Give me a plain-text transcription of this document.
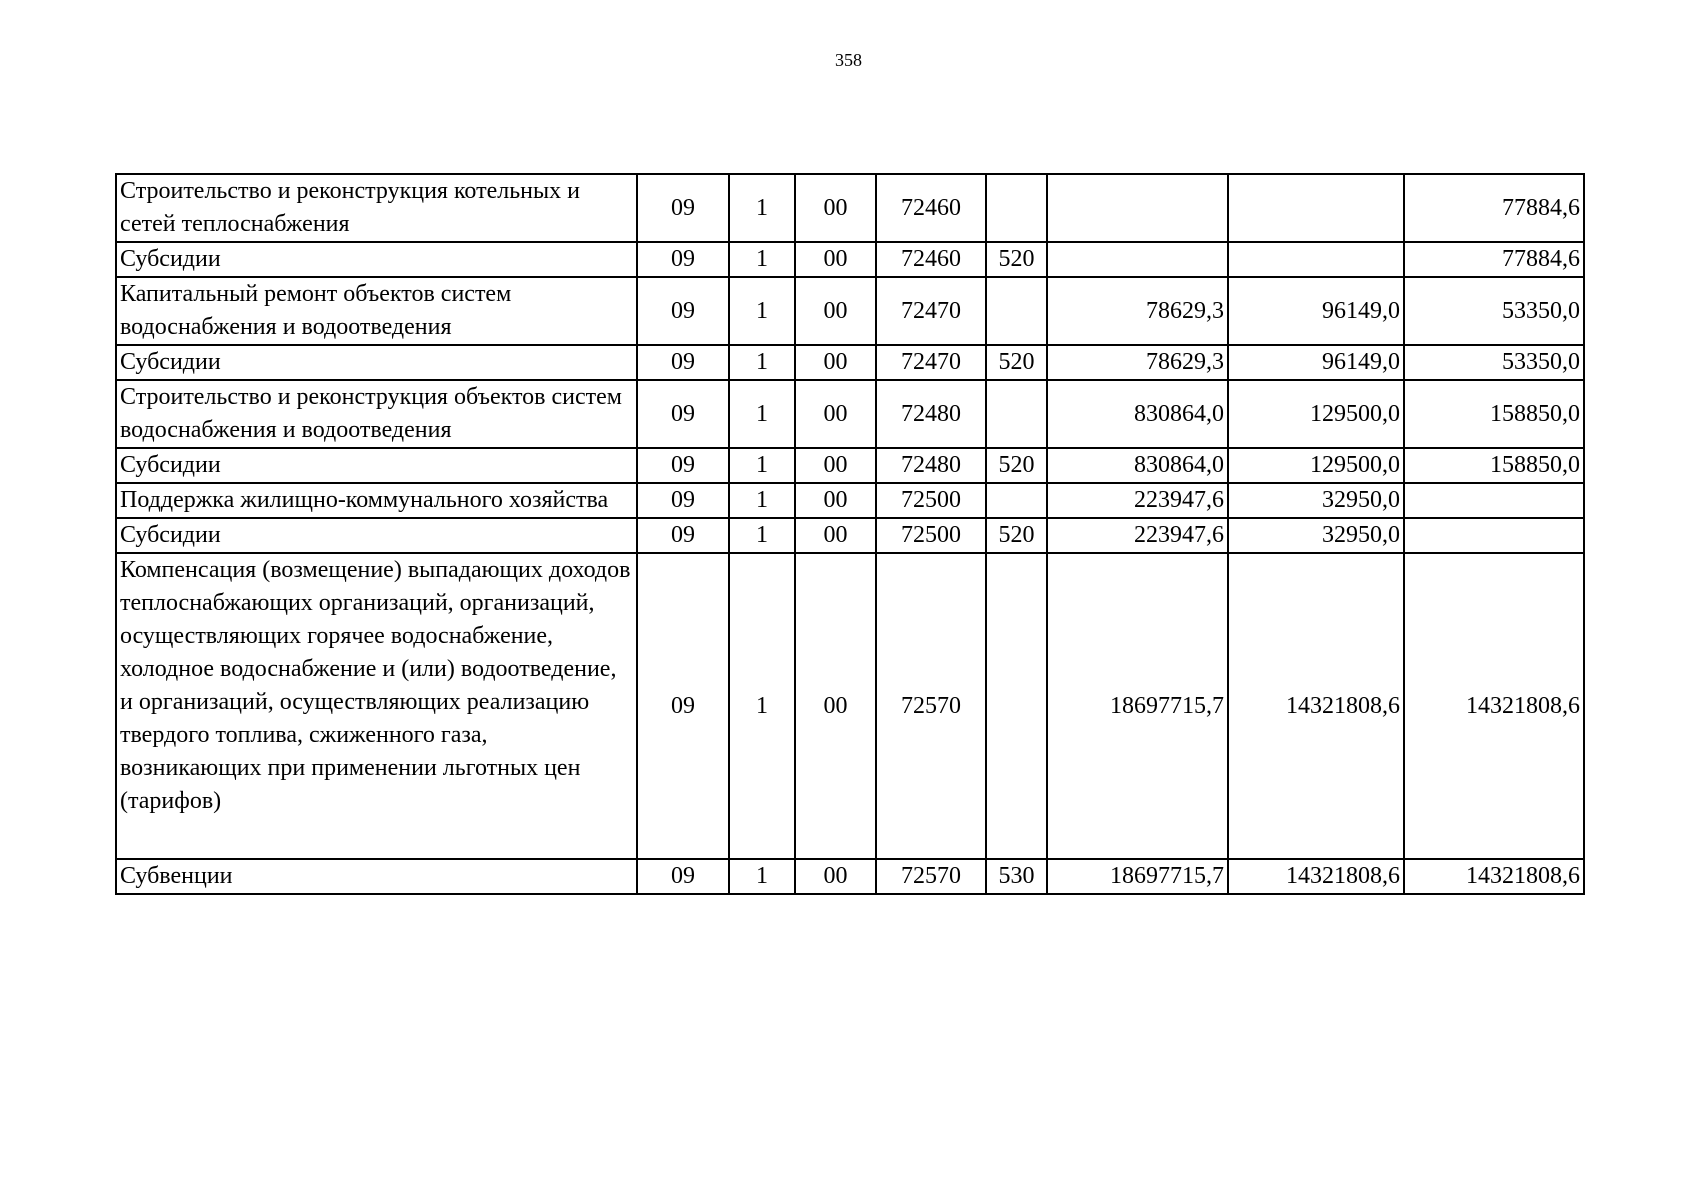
358
Строительство и реконструкция котельных и сетей теплоснабжения	09	1	00	72460				77884,6
Субсидии	09	1	00	72460	520			77884,6
Капитальный ремонт объектов систем водоснабжения и водоотведения	09	1	00	72470		78629,3	96149,0	53350,0
Субсидии	09	1	00	72470	520	78629,3	96149,0	53350,0
Строительство и реконструкция объектов систем водоснабжения и водоотведения	09	1	00	72480		830864,0	129500,0	158850,0
Субсидии	09	1	00	72480	520	830864,0	129500,0	158850,0
Поддержка жилищно-коммунального хозяйства	09	1	00	72500		223947,6	32950,0	
Субсидии	09	1	00	72500	520	223947,6	32950,0	
Компенсация (возмещение) выпадающих доходов теплоснабжающих организаций, организаций, осуществляющих горячее водоснабжение, холодное водоснабжение и (или) водоотведение, и организаций, осуществляющих реализацию твердого топлива, сжиженного газа, возникающих при применении льготных цен (тарифов)	09	1	00	72570		18697715,7	14321808,6	14321808,6
Субвенции	09	1	00	72570	530	18697715,7	14321808,6	14321808,6
